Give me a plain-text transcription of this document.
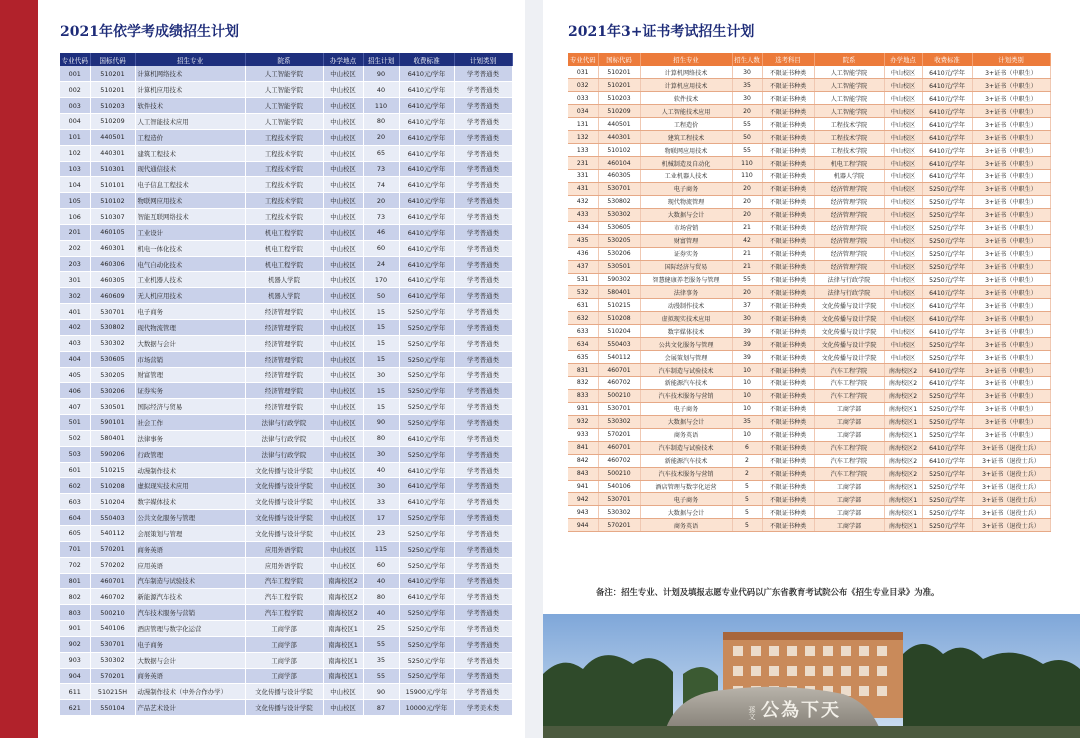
2021年依学考成绩招生计划
专业代码	国标代码	招生专业	院系	办学地点	招生计划	收费标准	计划类别
001	510201	计算机网络技术	人工智能学院	中山校区	90	6410元/学年	学考普通类
002	510201	计算机应用技术	人工智能学院	中山校区	40	6410元/学年	学考普通类
003	510203	软件技术	人工智能学院	中山校区	110	6410元/学年	学考普通类
004	510209	人工智能技术应用	人工智能学院	中山校区	80	6410元/学年	学考普通类
101	440501	工程造价	工程技术学院	中山校区	20	6410元/学年	学考普通类
102	440301	建筑工程技术	工程技术学院	中山校区	65	6410元/学年	学考普通类
103	510301	现代通信技术	工程技术学院	中山校区	73	6410元/学年	学考普通类
104	510101	电子信息工程技术	工程技术学院	中山校区	74	6410元/学年	学考普通类
105	510102	物联网应用技术	工程技术学院	中山校区	20	6410元/学年	学考普通类
106	510307	智能互联网络技术	工程技术学院	中山校区	73	6410元/学年	学考普通类
201	460105	工业设计	机电工程学院	中山校区	46	6410元/学年	学考普通类
202	460301	机电一体化技术	机电工程学院	中山校区	60	6410元/学年	学考普通类
203	460306	电气自动化技术	机电工程学院	中山校区	24	6410元/学年	学考普通类
301	460305	工业机器人技术	机器人学院	中山校区	170	6410元/学年	学考普通类
302	460609	无人机应用技术	机器人学院	中山校区	50	6410元/学年	学考普通类
401	530701	电子商务	经济管理学院	中山校区	15	5250元/学年	学考普通类
402	530802	现代物流管理	经济管理学院	中山校区	15	5250元/学年	学考普通类
403	530302	大数据与会计	经济管理学院	中山校区	15	5250元/学年	学考普通类
404	530605	市场营销	经济管理学院	中山校区	15	5250元/学年	学考普通类
405	530205	财富管理	经济管理学院	中山校区	30	5250元/学年	学考普通类
406	530206	证券实务	经济管理学院	中山校区	15	5250元/学年	学考普通类
407	530501	国际经济与贸易	经济管理学院	中山校区	15	5250元/学年	学考普通类
501	590101	社会工作	法律与行政学院	中山校区	90	5250元/学年	学考普通类
502	580401	法律事务	法律与行政学院	中山校区	80	6410元/学年	学考普通类
503	590206	行政管理	法律与行政学院	中山校区	30	5250元/学年	学考普通类
601	510215	动漫制作技术	文化传播与设计学院	中山校区	40	6410元/学年	学考普通类
602	510208	虚拟现实技术应用	文化传播与设计学院	中山校区	30	6410元/学年	学考普通类
603	510204	数字媒体技术	文化传播与设计学院	中山校区	33	6410元/学年	学考普通类
604	550403	公共文化服务与管理	文化传播与设计学院	中山校区	17	5250元/学年	学考普通类
605	540112	会展策划与管理	文化传播与设计学院	中山校区	23	5250元/学年	学考普通类
701	570201	商务英语	应用外语学院	中山校区	115	5250元/学年	学考普通类
702	570202	应用英语	应用外语学院	中山校区	60	5250元/学年	学考普通类
801	460701	汽车制造与试验技术	汽车工程学院	南海校区2	40	6410元/学年	学考普通类
802	460702	新能源汽车技术	汽车工程学院	南海校区2	80	6410元/学年	学考普通类
803	500210	汽车技术服务与营销	汽车工程学院	南海校区2	40	5250元/学年	学考普通类
901	540106	酒店管理与数字化运营	工商学部	南海校区1	25	5250元/学年	学考普通类
902	530701	电子商务	工商学部	南海校区1	55	5250元/学年	学考普通类
903	530302	大数据与会计	工商学部	南海校区1	35	5250元/学年	学考普通类
904	570201	商务英语	工商学部	南海校区1	55	5250元/学年	学考普通类
611	510215H	动漫制作技术（中外合作办学）	文化传播与设计学院	中山校区	90	15900元/学年	学考普通类
621	550104	产品艺术设计	文化传播与设计学院	中山校区	87	10000元/学年	学考美术类
2021年3+证书考试招生计划
专业代码	国标代码	招生专业	招生人数	选考科目	院系	办学地点	收费标准	计划类别
031	510201	计算机网络技术	30	不限证书种类	人工智能学院	中山校区	6410元/学年	3+证书（中职生）
032	510201	计算机应用技术	35	不限证书种类	人工智能学院	中山校区	6410元/学年	3+证书（中职生）
033	510203	软件技术	30	不限证书种类	人工智能学院	中山校区	6410元/学年	3+证书（中职生）
034	510209	人工智能技术应用	20	不限证书种类	人工智能学院	中山校区	6410元/学年	3+证书（中职生）
131	440501	工程造价	55	不限证书种类	工程技术学院	中山校区	6410元/学年	3+证书（中职生）
132	440301	建筑工程技术	50	不限证书种类	工程技术学院	中山校区	6410元/学年	3+证书（中职生）
133	510102	物联网应用技术	55	不限证书种类	工程技术学院	中山校区	6410元/学年	3+证书（中职生）
231	460104	机械制造及自动化	110	不限证书种类	机电工程学院	中山校区	6410元/学年	3+证书（中职生）
331	460305	工业机器人技术	110	不限证书种类	机器人学院	中山校区	6410元/学年	3+证书（中职生）
431	530701	电子商务	20	不限证书种类	经济管理学院	中山校区	5250元/学年	3+证书（中职生）
432	530802	现代物流管理	20	不限证书种类	经济管理学院	中山校区	5250元/学年	3+证书（中职生）
433	530302	大数据与会计	20	不限证书种类	经济管理学院	中山校区	5250元/学年	3+证书（中职生）
434	530605	市场营销	21	不限证书种类	经济管理学院	中山校区	5250元/学年	3+证书（中职生）
435	530205	财富管理	42	不限证书种类	经济管理学院	中山校区	5250元/学年	3+证书（中职生）
436	530206	证券实务	21	不限证书种类	经济管理学院	中山校区	5250元/学年	3+证书（中职生）
437	530501	国际经济与贸易	21	不限证书种类	经济管理学院	中山校区	5250元/学年	3+证书（中职生）
531	590302	智慧健康养老服务与管理	55	不限证书种类	法律与行政学院	中山校区	5250元/学年	3+证书（中职生）
532	580401	法律事务	20	不限证书种类	法律与行政学院	中山校区	6410元/学年	3+证书（中职生）
631	510215	动漫制作技术	37	不限证书种类	文化传播与设计学院	中山校区	6410元/学年	3+证书（中职生）
632	510208	虚拟现实技术应用	30	不限证书种类	文化传播与设计学院	中山校区	6410元/学年	3+证书（中职生）
633	510204	数字媒体技术	39	不限证书种类	文化传播与设计学院	中山校区	6410元/学年	3+证书（中职生）
634	550403	公共文化服务与管理	39	不限证书种类	文化传播与设计学院	中山校区	5250元/学年	3+证书（中职生）
635	540112	会展策划与管理	39	不限证书种类	文化传播与设计学院	中山校区	5250元/学年	3+证书（中职生）
831	460701	汽车制造与试验技术	10	不限证书种类	汽车工程学院	南海校区2	6410元/学年	3+证书（中职生）
832	460702	新能源汽车技术	10	不限证书种类	汽车工程学院	南海校区2	6410元/学年	3+证书（中职生）
833	500210	汽车技术服务与营销	10	不限证书种类	汽车工程学院	南海校区2	5250元/学年	3+证书（中职生）
931	530701	电子商务	10	不限证书种类	工商学部	南海校区1	5250元/学年	3+证书（中职生）
932	530302	大数据与会计	35	不限证书种类	工商学部	南海校区1	5250元/学年	3+证书（中职生）
933	570201	商务英语	10	不限证书种类	工商学部	南海校区1	5250元/学年	3+证书（中职生）
841	460701	汽车制造与试验技术	6	不限证书种类	汽车工程学院	南海校区2	6410元/学年	3+证书（退役士兵）
842	460702	新能源汽车技术	2	不限证书种类	汽车工程学院	南海校区2	6410元/学年	3+证书（退役士兵）
843	500210	汽车技术服务与营销	2	不限证书种类	汽车工程学院	南海校区2	5250元/学年	3+证书（退役士兵）
941	540106	酒店管理与数字化运营	5	不限证书种类	工商学部	南海校区1	5250元/学年	3+证书（退役士兵）
942	530701	电子商务	5	不限证书种类	工商学部	南海校区1	5250元/学年	3+证书（退役士兵）
943	530302	大数据与会计	5	不限证书种类	工商学部	南海校区1	5250元/学年	3+证书（退役士兵）
944	570201	商务英语	5	不限证书种类	工商学部	南海校区1	5250元/学年	3+证书（退役士兵）
备注：招生专业、计划及填报志愿专业代码以广东省教育考试院公布《招生专业目录》为准。
公為下天
孫文
